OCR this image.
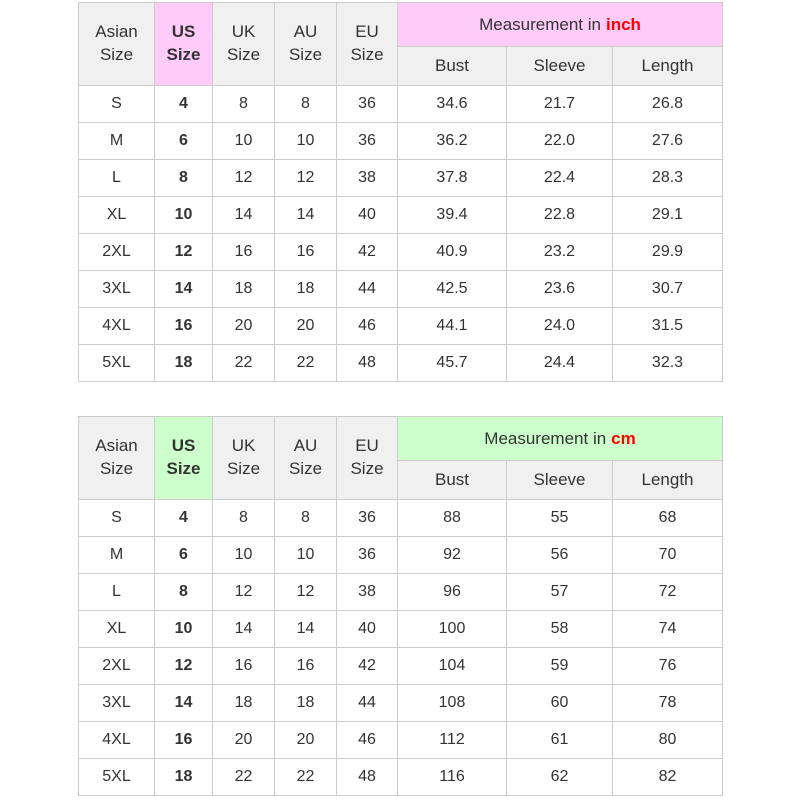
Asian Size	US Size	UK Size	AU Size	EU Size	Measurement in inch		
					Bust	Sleeve	Length
S	4	8	8	36	34.6	21.7	26.8
M	6	10	10	36	36.2	22.0	27.6
L	8	12	12	38	37.8	22.4	28.3
XL	10	14	14	40	39.4	22.8	29.1
2XL	12	16	16	42	40.9	23.2	29.9
3XL	14	18	18	44	42.5	23.6	30.7
4XL	16	20	20	46	44.1	24.0	31.5
5XL	18	22	22	48	45.7	24.4	32.3
Asian Size	US Size	UK Size	AU Size	EU Size	Measurement in cm		
					Bust	Sleeve	Length
S	4	8	8	36	88	55	68
M	6	10	10	36	92	56	70
L	8	12	12	38	96	57	72
XL	10	14	14	40	100	58	74
2XL	12	16	16	42	104	59	76
3XL	14	18	18	44	108	60	78
4XL	16	20	20	46	112	61	80
5XL	18	22	22	48	116	62	82
